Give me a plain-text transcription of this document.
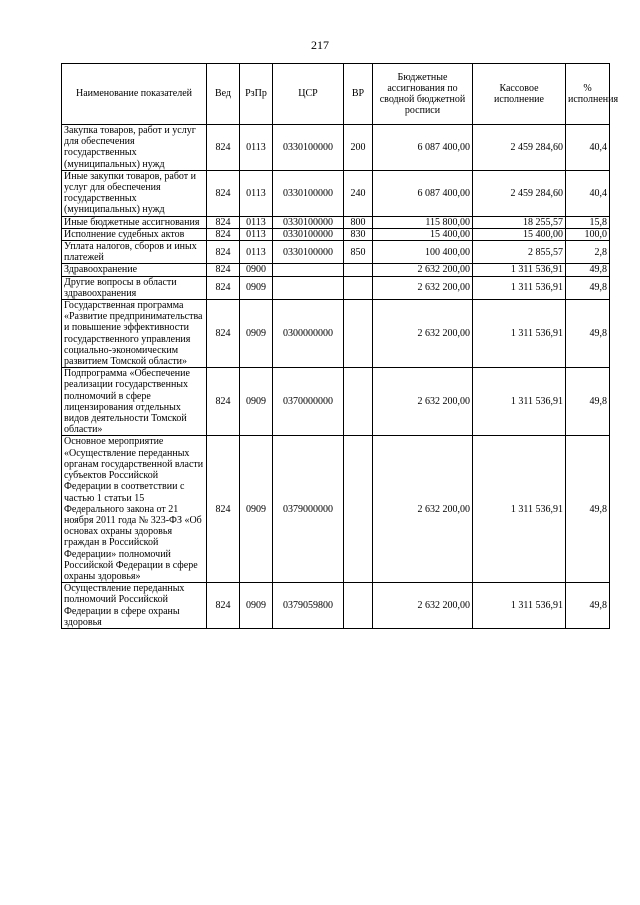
217
Наименование показателей	Вед	РзПр	ЦСР	ВР	Бюджетные ассигнования по сводной бюджетной росписи	Кассовое исполнение	% исполнения
Закупка товаров, работ и услуг для обеспечения государственных (муниципальных) нужд	824	0113	0330100000	200	6 087 400,00	2 459 284,60	40,4
Иные закупки товаров, работ и услуг для обеспечения государственных (муниципальных) нужд	824	0113	0330100000	240	6 087 400,00	2 459 284,60	40,4
Иные бюджетные ассигнования	824	0113	0330100000	800	115 800,00	18 255,57	15,8
Исполнение судебных актов	824	0113	0330100000	830	15 400,00	15 400,00	100,0
Уплата налогов, сборов и иных платежей	824	0113	0330100000	850	100 400,00	2 855,57	2,8
Здравоохранение	824	0900			2 632 200,00	1 311 536,91	49,8
Другие вопросы в области здравоохранения	824	0909			2 632 200,00	1 311 536,91	49,8
Государственная программа «Развитие предпринимательства и повышение эффективности государственного управления социально-экономическим развитием Томской области»	824	0909	0300000000		2 632 200,00	1 311 536,91	49,8
Подпрограмма «Обеспечение реализации государственных полномочий в сфере лицензирования отдельных видов деятельности Томской области»	824	0909	0370000000		2 632 200,00	1 311 536,91	49,8
Основное мероприятие «Осуществление переданных органам государственной власти субъектов Российской Федерации в соответствии с частью 1 статьи 15 Федерального закона от 21 ноября 2011 года № 323-ФЗ «Об основах охраны здоровья граждан в Российской Федерации» полномочий Российской Федерации в сфере охраны здоровья»	824	0909	0379000000		2 632 200,00	1 311 536,91	49,8
Осуществление переданных полномочий Российской Федерации в сфере охраны здоровья	824	0909	0379059800		2 632 200,00	1 311 536,91	49,8
